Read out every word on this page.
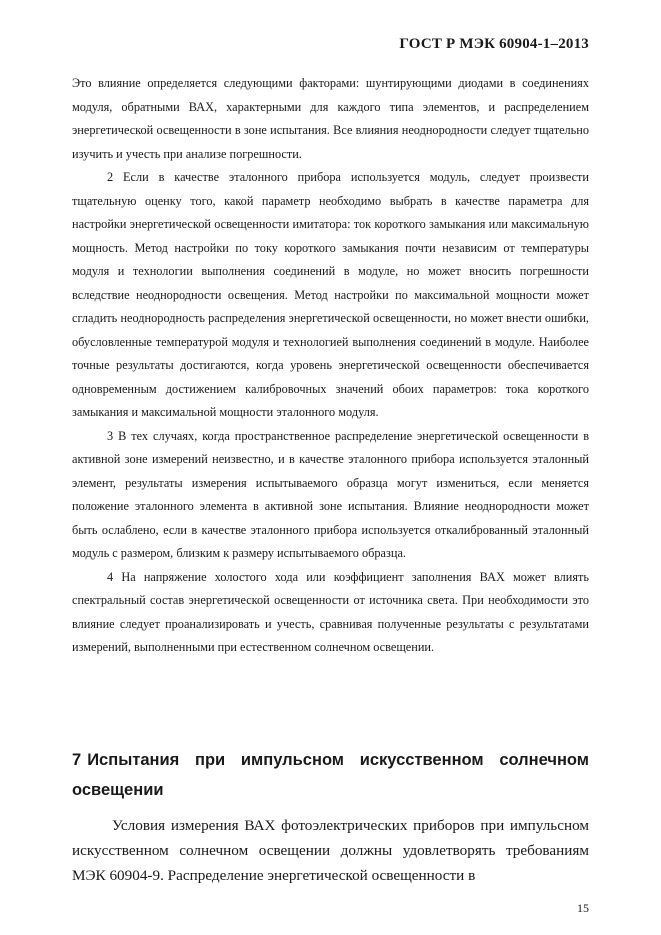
ГОСТ Р МЭК 60904-1–2013

Это влияние определяется следующими факторами: шунтирующими диодами в соединениях модуля, обратными ВАХ, характерными для каждого типа элементов, и распределением энергетической освещенности в зоне испытания. Все влияния неоднородности следует тщательно изучить и учесть при анализе погрешности.

2 Если в качестве эталонного прибора используется модуль, следует произвести тщательную оценку того, какой параметр необходимо выбрать в качестве параметра для настройки энергетической освещенности имитатора: ток короткого замыкания или максимальную мощность. Метод настройки по току короткого замыкания почти независим от температуры модуля и технологии выполнения соединений в модуле, но может вносить погрешности вследствие неоднородности освещения. Метод настройки по максимальной мощности может сгладить неоднородность распределения энергетической освещенности, но может внести ошибки, обусловленные температурой модуля и технологией выполнения соединений в модуле. Наиболее точные результаты достигаются, когда уровень энергетической освещенности обеспечивается одновременным достижением калибровочных значений обоих параметров: тока короткого замыкания и максимальной мощности эталонного модуля.

3 В тех случаях, когда пространственное распределение энергетической освещенности в активной зоне измерений неизвестно, и в качестве эталонного прибора используется эталонный элемент, результаты измерения испытываемого образца могут измениться, если меняется положение эталонного элемента в активной зоне испытания. Влияние неоднородности может быть ослаблено, если в качестве эталонного прибора используется откалиброванный эталонный модуль с размером, близким к размеру испытываемого образца.

4 На напряжение холостого хода или коэффициент заполнения ВАХ может влиять спектральный состав энергетической освещенности от источника света. При необходимости это влияние следует проанализировать и учесть, сравнивая полученные результаты с результатами измерений, выполненными при естественном солнечном освещении.

7 Испытания при импульсном искусственном солнечном освещении
Условия измерения ВАХ фотоэлектрических приборов при импульсном искусственном солнечном освещении должны удовлетворять требованиям МЭК 60904-9. Распределение энергетической освещенности в
15
